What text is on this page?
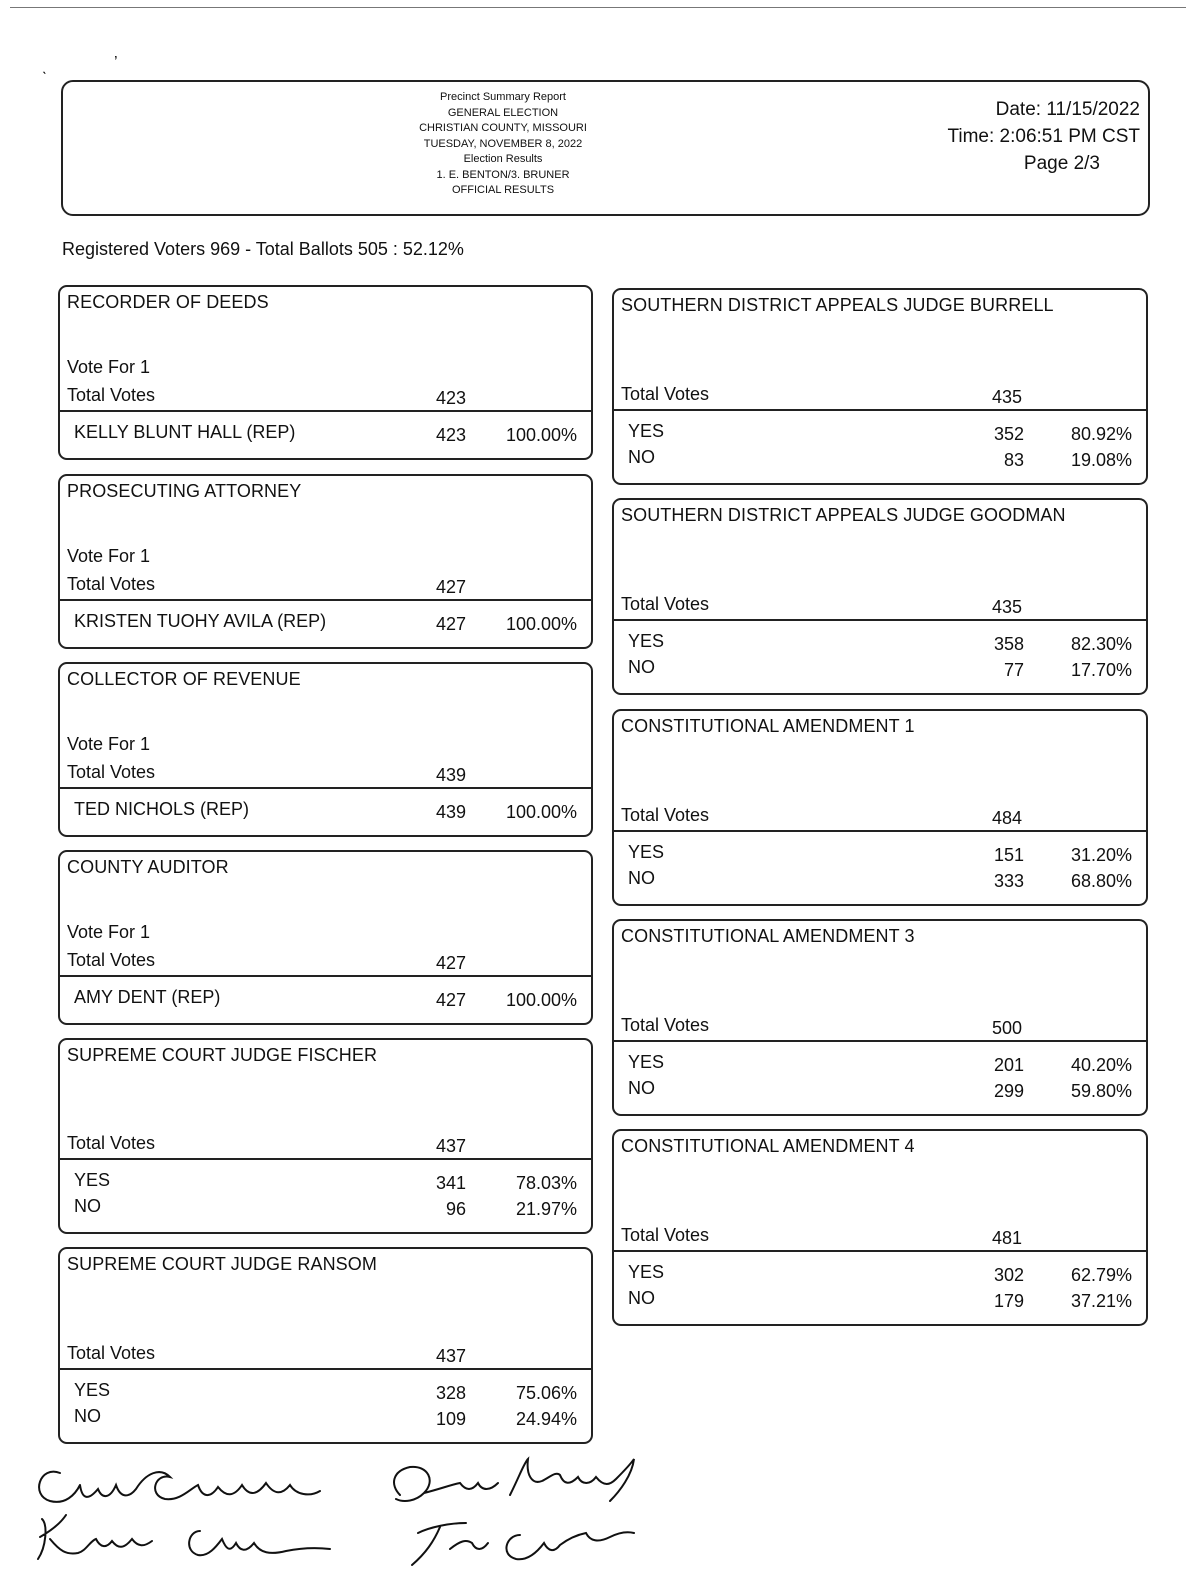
ˎ	’
Precinct Summary Report
GENERAL ELECTION
CHRISTIAN COUNTY, MISSOURI
TUESDAY, NOVEMBER 8, 2022
Election Results
1. E. BENTON/3. BRUNER
OFFICIAL RESULTS
Date: 11/15/2022
Time: 2:06:51 PM CST
Page 2/3
Registered Voters 969 - Total Ballots 505 : 52.12%
RECORDER OF DEEDS
Vote For 1
Total Votes	423
KELLY BLUNT HALL (REP)	423 100.00%
PROSECUTING ATTORNEY
Vote For 1
Total Votes	427
KRISTEN TUOHY AVILA (REP)	427 100.00%
COLLECTOR OF REVENUE
Vote For 1
Total Votes	439
TED NICHOLS (REP)	439 100.00%
COUNTY AUDITOR
Vote For 1
Total Votes	427
AMY DENT (REP)	427 100.00%
SUPREME COURT JUDGE FISCHER
Total Votes	437
YES	341	78.03%
NO	96	21.97%
SUPREME COURT JUDGE RANSOM
Total Votes	437
YES	328	75.06%
NO	109	24.94%
SOUTHERN DISTRICT APPEALS JUDGE BURRELL
Total Votes	435
YES	352	80.92%
NO	83	19.08%
SOUTHERN DISTRICT APPEALS JUDGE GOODMAN
Total Votes	435
YES	358	82.30%
NO	77	17.70%
CONSTITUTIONAL AMENDMENT 1
Total Votes	484
YES	151	31.20%
NO	333	68.80%
CONSTITUTIONAL AMENDMENT 3
Total Votes	500
YES	201	40.20%
NO	299	59.80%
CONSTITUTIONAL AMENDMENT 4
Total Votes	481
YES	302	62.79%
NO	179	37.21%
